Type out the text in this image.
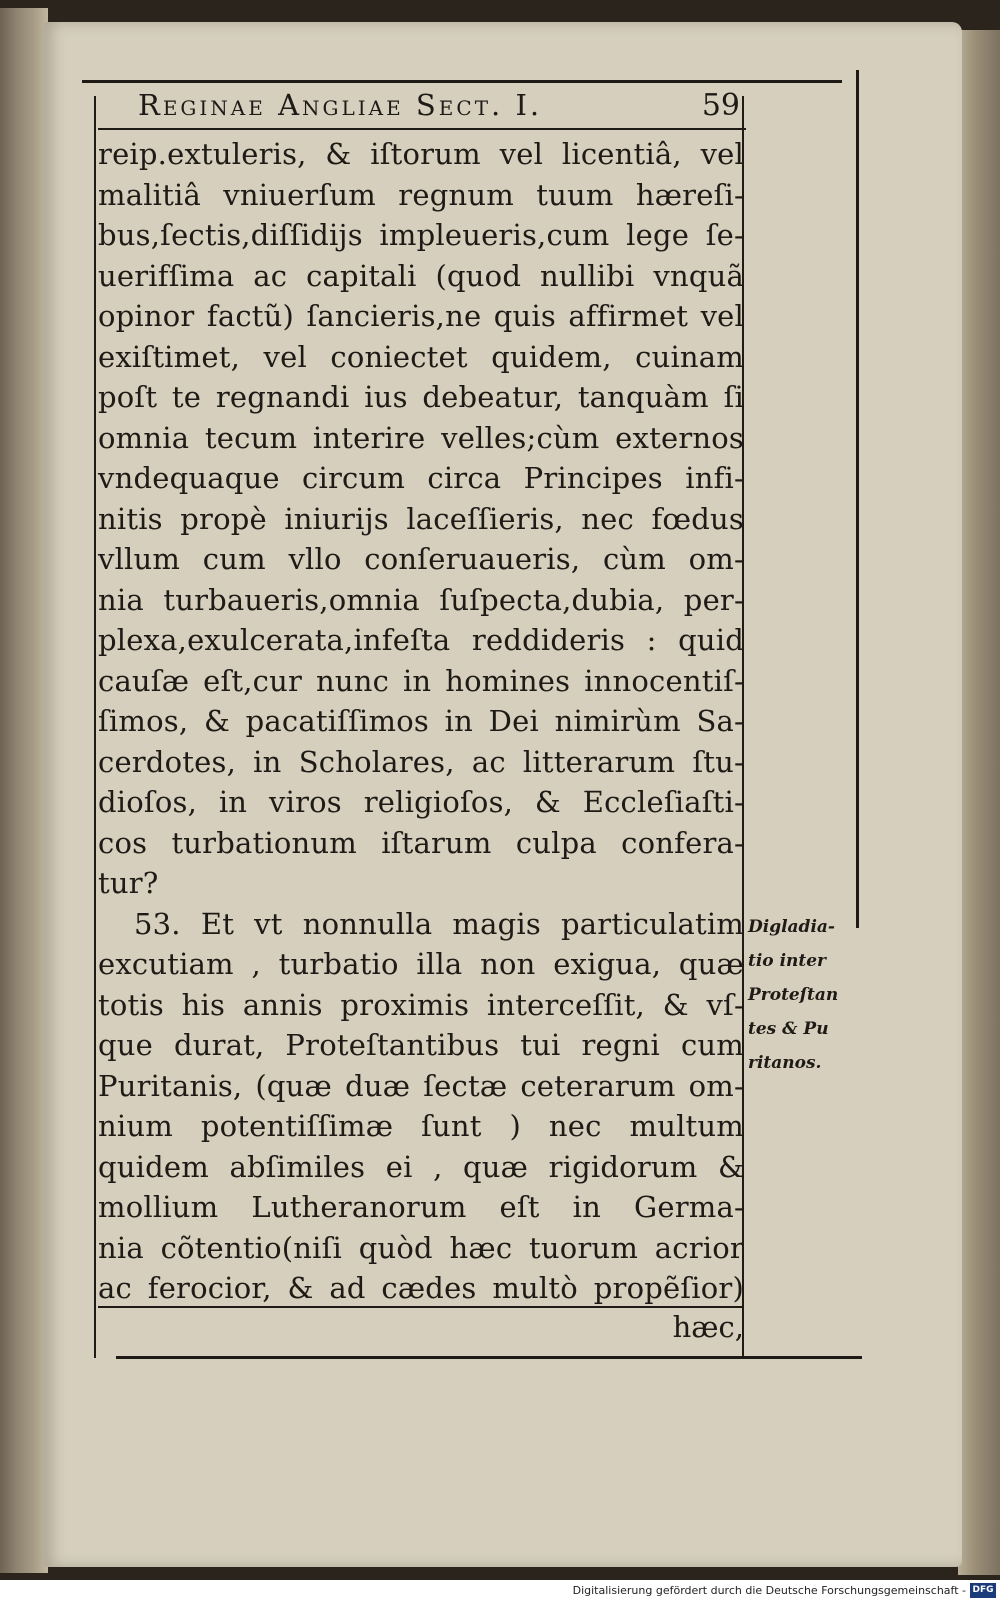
Reginae Angliae Sect. I.	59
reip.extuleris, & iſtorum vel licentiâ, vel
malitiâ vniuerſum regnum tuum hæreſi-
bus,ſectis,diſſidijs impleueris,cum lege ſe-
uerifſima ac capitali (quod nullibi vnquã
opinor factũ) ſancieris,ne quis affirmet vel
exiſtimet, vel coniectet quidem, cuinam
poſt te regnandi ius debeatur, tanquàm ſi
omnia tecum interire velles;cùm externos
vndequaque circum circa Principes infi-
nitis propè iniurijs laceſſieris, nec fœdus
vllum cum vllo conſeruaueris, cùm om-
nia turbaueris,omnia ſuſpecta,dubia, per-
plexa,exulcerata,infeſta reddideris : quid
cauſæ eſt,cur nunc in homines innocentiſ-
ſimos, & pacatiſſimos in Dei nimirùm Sa-
cerdotes, in Scholares, ac litterarum ſtu-
dioſos, in viros religioſos, & Eccleſiaſti-
cos turbationum iſtarum culpa confera-
tur?
53. Et vt nonnulla magis particulatim
excutiam , turbatio illa non exigua, quæ
totis his annis proximis interceſſit, & vſ-
que durat, Proteſtantibus tui regni cum
Puritanis, (quæ duæ ſectæ ceterarum om-
nium potentiſſimæ ſunt ) nec multum
quidem abſimiles ei , quæ rigidorum &
mollium Lutheranorum eſt in Germa-
nia cõtentio(niſi quòd hæc tuorum acrior
ac ferocior, & ad cædes multò propẽſior)
Digladia-
tio inter
Proteſtan
tes & Pu
ritanos.
hæc,
Digitalisierung gefördert durch die Deutsche Forschungsgemeinschaft - DFG
